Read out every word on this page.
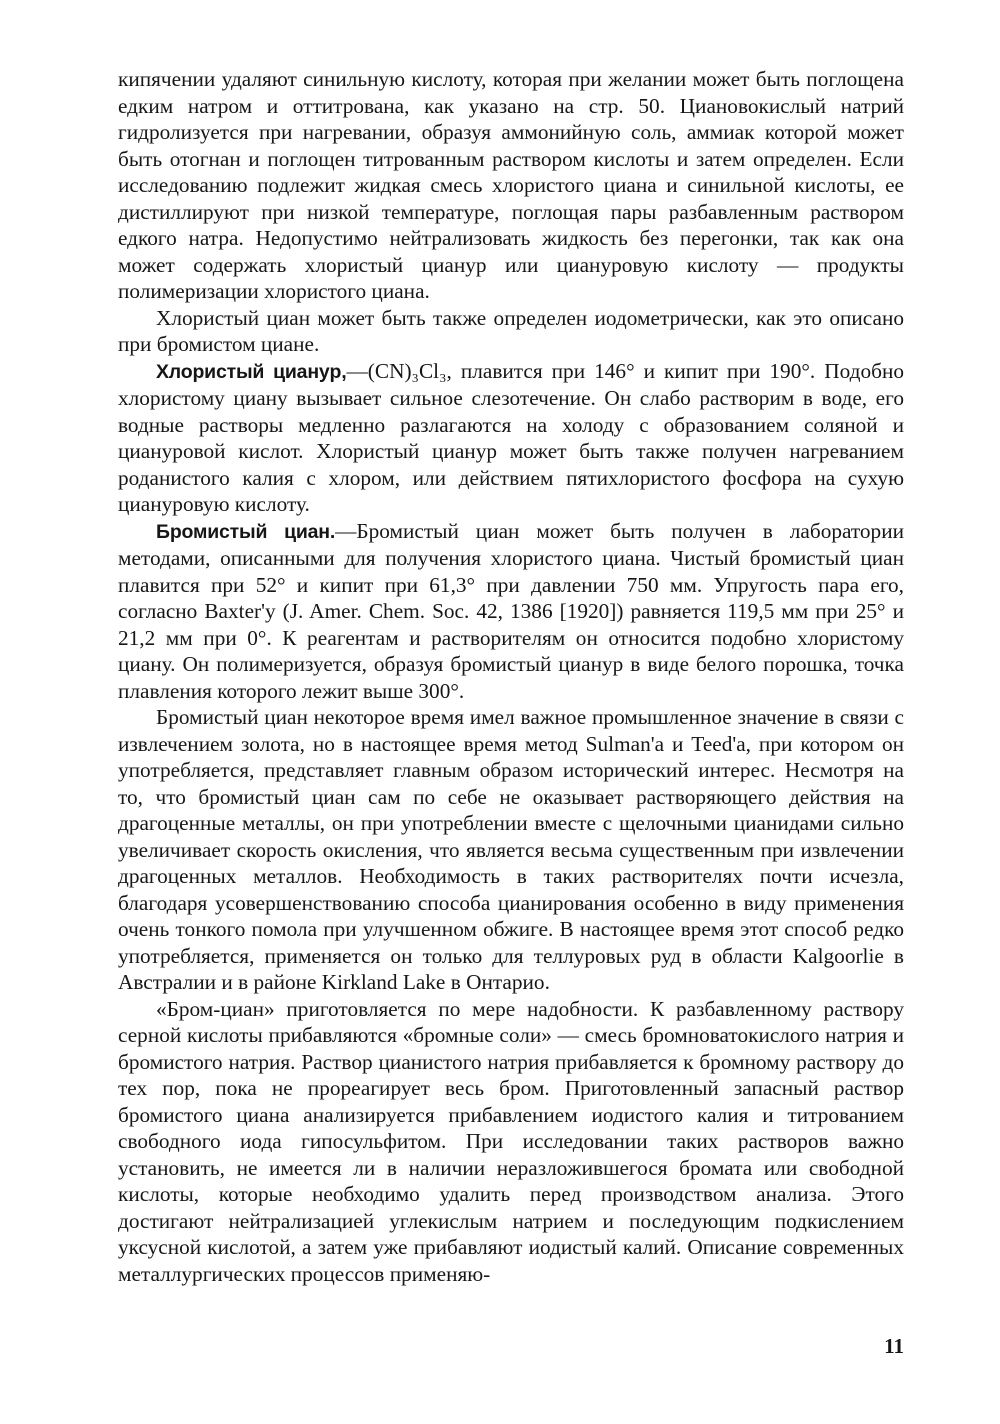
кипячении удаляют синильную кислоту, которая при желании может быть поглощена едким натром и оттитрована, как указано на стр. 50. Циановокислый натрий гидролизуется при нагревании, образуя аммонийную соль, аммиак которой может быть отогнан и поглощен титрованным раствором кислоты и затем определен. Если исследованию подлежит жидкая смесь хлористого циана и синильной кислоты, ее дистиллируют при низкой температуре, поглощая пары разбавленным раствором едкого натра. Недопустимо нейтрализовать жидкость без перегонки, так как она может содержать хлористый циануp или циануровую кислоту — продукты полимеризации хлористого циана.

Хлористый циан может быть также определен иодометрически, как это описано при бромистом циане.

Хлористый циануp,—(CN)₃Cl₃, плавится при 146° и кипит при 190°. Подобно хлористому циану вызывает сильное слезотечение. Он слабо растворим в воде, его водные растворы медленно разлагаются на холоду с образованием соляной и циануровой кислот. Хлористый циануp может быть также получен нагреванием роданистого калия с хлором, или действием пятихлористого фосфора на сухую циануровую кислоту.

Бромистый циан.—Бромистый циан может быть получен в лаборатории методами, описанными для получения хлористого циана. Чистый бромистый циан плавится при 52° и кипит при 61,3° при давлении 750 мм. Упругость пара его, согласно Baxter'у (J. Amer. Chem. Soc. 42, 1386 [1920]) равняется 119,5 мм при 25° и 21,2 мм при 0°. К реагентам и растворителям он относится подобно хлористому циану. Он полимеризуется, образуя бромистый циануp в виде белого порошка, точка плавления которого лежит выше 300°.

Бромистый циан некоторое время имел важное промышленное значение в связи с извлечением золота, но в настоящее время метод Sulman'a и Teed'a, при котором он употребляется, представляет главным образом исторический интерес. Несмотря на то, что бромистый циан сам по себе не оказывает растворяющего действия на драгоценные металлы, он при употреблении вместе с щелочными цианидами сильно увеличивает скорость окисления, что является весьма существенным при извлечении драгоценных металлов. Необходимость в таких растворителях почти исчезла, благодаря усовершенствованию способа цианирования особенно в виду применения очень тонкого помола при улучшенном обжиге. В настоящее время этот способ редко употребляется, применяется он только для теллуровых руд в области Kalgoorlie в Австралии и в районе Kirkland Lake в Онтарио.

«Бром-циан» приготовляется по мере надобности. К разбавленному раствору серной кислоты прибавляются «бромные соли» — смесь бромноватокислого натрия и бромистого натрия. Раствор цианистого натрия прибавляется к бромному раствору до тех пор, пока не прореагирует весь бром. Приготовленный запасный раствор бромистого циана анализируется прибавлением иодистого калия и титрованием свободного иода гипосульфитом. При исследовании таких растворов важно установить, не имеется ли в наличии неразложившегося бромата или свободной кислоты, которые необходимо удалить перед производством анализа. Этого достигают нейтрализацией углекислым натрием и последующим подкислением уксусной кислотой, а затем уже прибавляют иодистый калий. Описание современных металлургических процессов применяю-

11
